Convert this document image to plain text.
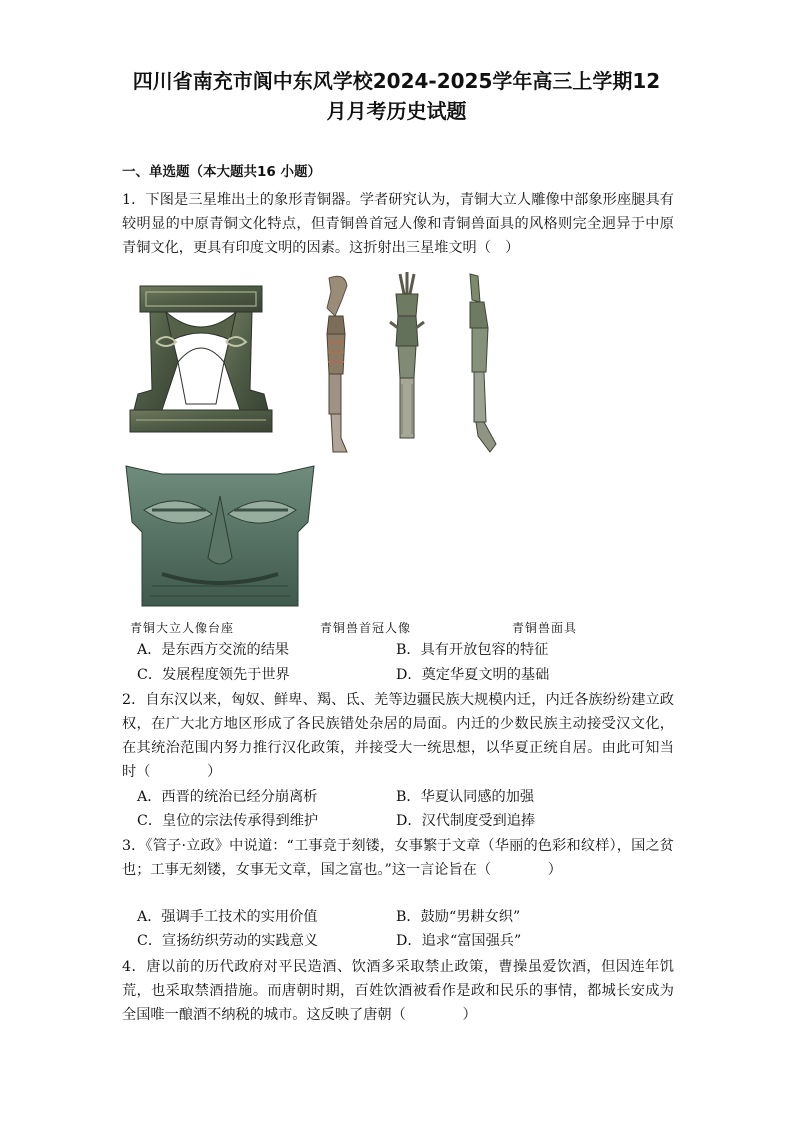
四川省南充市阆中东风学校2024-2025学年高三上学期12
月月考历史试题
一、单选题（本大题共16 小题）
1．下图是三星堆出土的象形青铜器。学者研究认为，青铜大立人雕像中部象形座腿具有较明显的中原青铜文化特点，但青铜兽首冠人像和青铜兽面具的风格则完全迥异于中原青铜文化，更具有印度文明的因素。这折射出三星堆文明（　）
青铜大立人像台座	青铜兽首冠人像	青铜兽面具
A．是东西方交流的结果	B．具有开放包容的特征
C．发展程度领先于世界	D．奠定华夏文明的基础
2．自东汉以来，匈奴、鲜卑、羯、氐、羌等边疆民族大规模内迁，内迁各族纷纷建立政权，在广大北方地区形成了各民族错处杂居的局面。内迁的少数民族主动接受汉文化，在其统治范围内努力推行汉化政策，并接受大一统思想，以华夏正统自居。由此可知当时（　　　　）
A．西晋的统治已经分崩离析	B．华夏认同感的加强
C．皇位的宗法传承得到维护	D．汉代制度受到追捧
3．《管子·立政》中说道：“工事竞于刻镂，女事繁于文章（华丽的色彩和纹样），国之贫也；工事无刻镂，女事无文章，国之富也。”这一言论旨在（　　　　）
A．强调手工技术的实用价值	B．鼓励“男耕女织”
C．宣扬纺织劳动的实践意义	D．追求“富国强兵”
4．唐以前的历代政府对平民造酒、饮酒多采取禁止政策，曹操虽爱饮酒，但因连年饥荒，也采取禁酒措施。而唐朝时期，百姓饮酒被看作是政和民乐的事情，都城长安成为全国唯一酿酒不纳税的城市。这反映了唐朝（　　　　）
